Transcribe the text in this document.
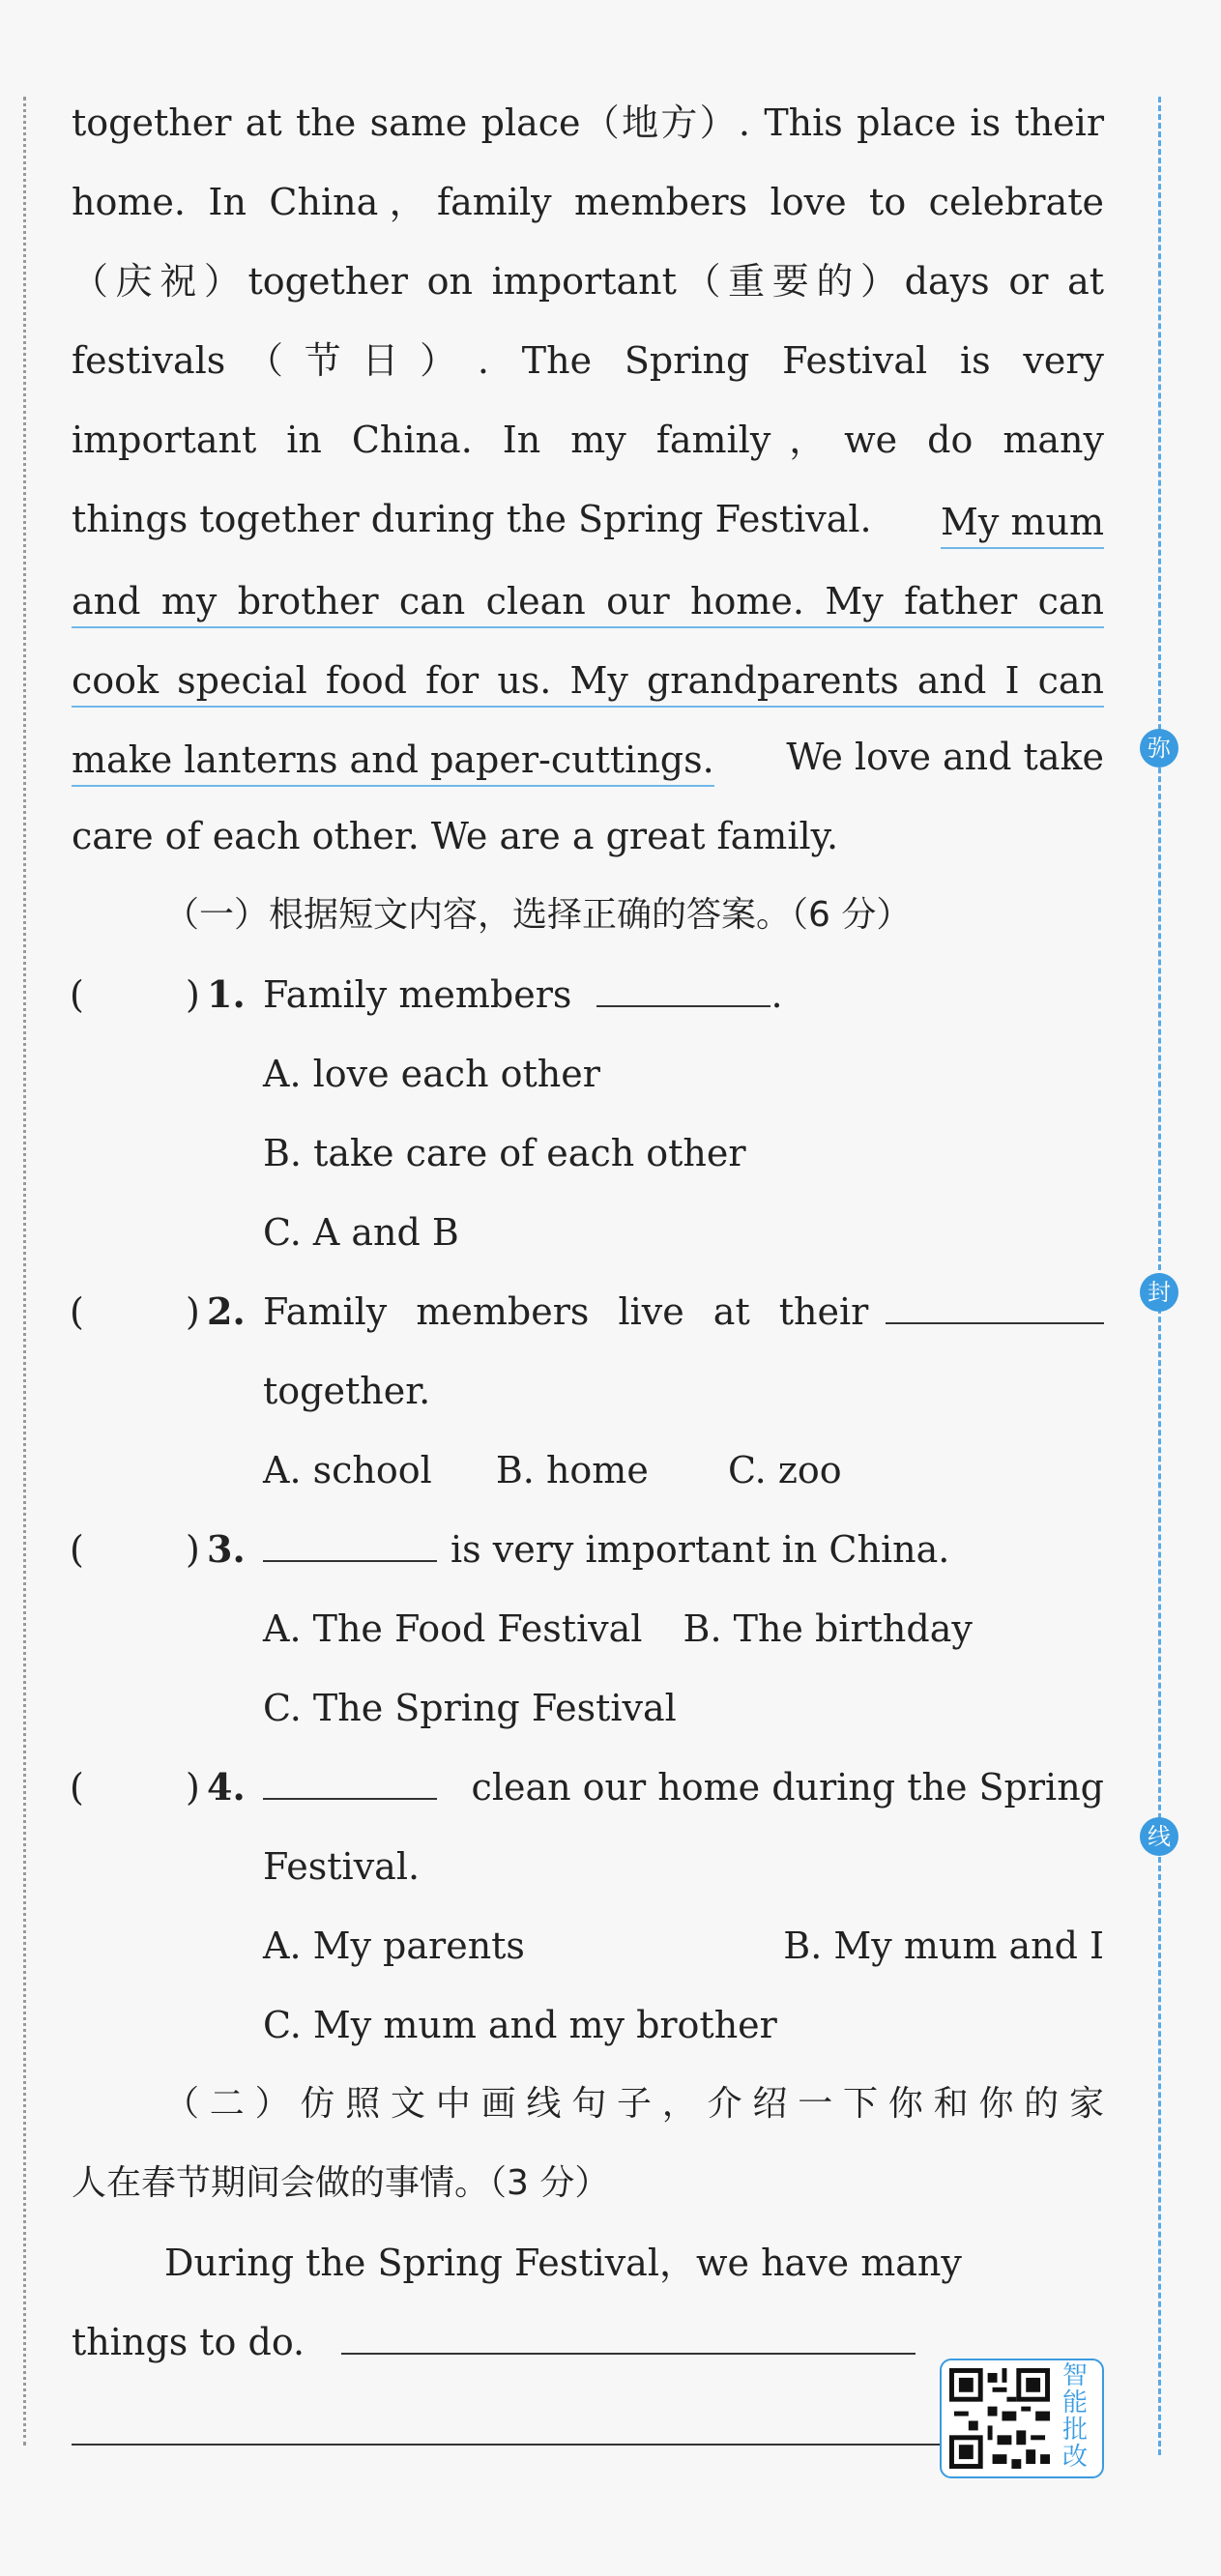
弥
封
线
together at the same place（地方）. This place is their
home. In China，family members love to celebrate
（庆祝）together on important（重要的）days or at
festivals（节日）. The Spring Festival is very
important in China. In my family，we do many
things together during the Spring Festival. My mum
and my brother can clean our home. My father can
cook special food for us. My grandparents and I can
make lanterns and paper-cuttings. We love and take
care of each other. We are a great family.
（一）根据短文内容，选择正确的答案。（6 分）
(	) 1. Family members	.
A. love each other
B. take care of each other
C. A and B
(	) 2. Family members live at their
together.
A. school B. home C. zoo
(	) 3.	is very important in China.
A. The Food Festival B. The birthday
C. The Spring Festival
(	) 4.	clean our home during the Spring
Festival.
A. My parents	B. My mum and I
C. My mum and my brother
（二）仿照文中画线句子，介绍一下你和你的家
人在春节期间会做的事情。（3 分）
During the Spring Festival，we have many
things to do.
智
能
批
改
